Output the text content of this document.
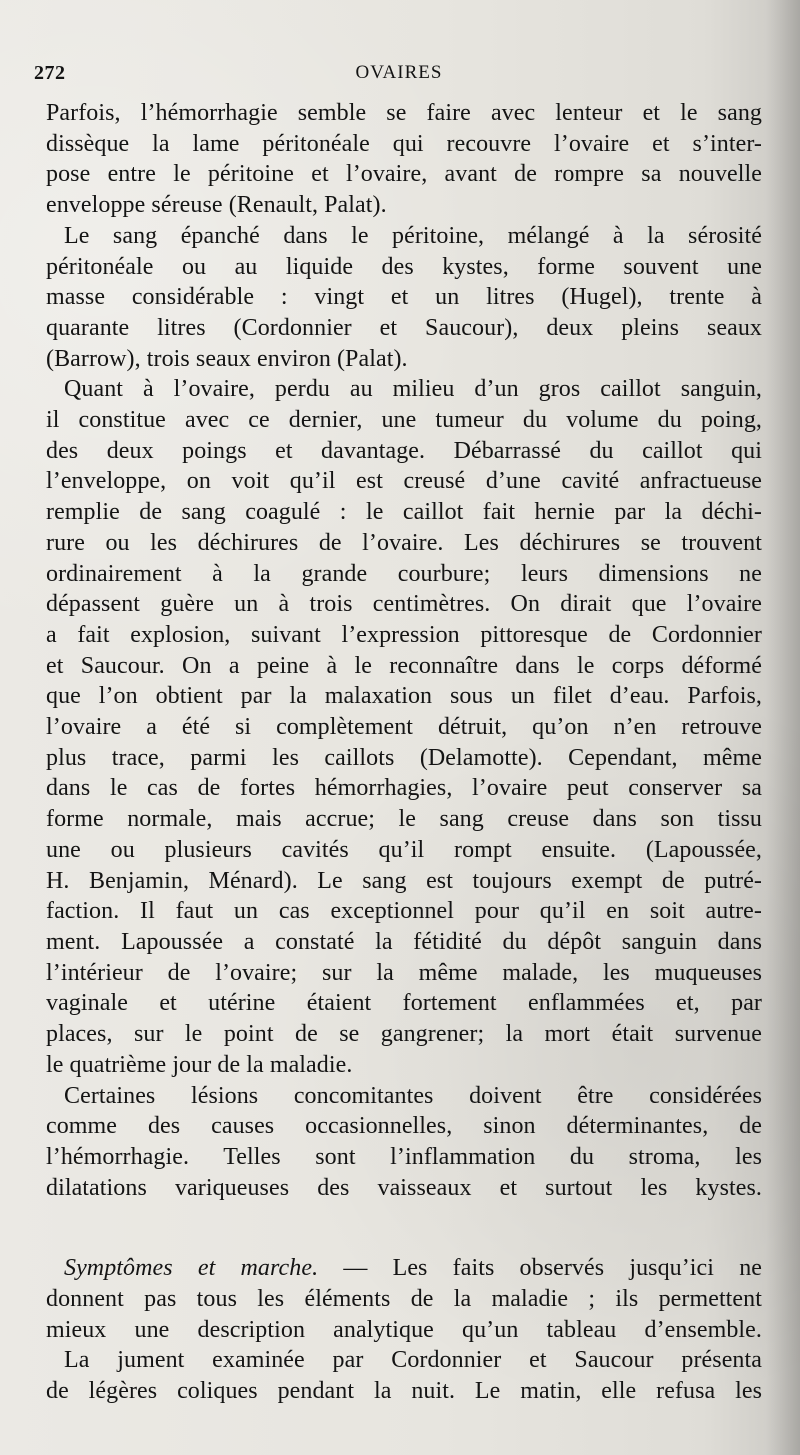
272	OVAIRES
Parfois, l’hémorrhagie semble se faire avec lenteur et le sang
dissèque la lame péritonéale qui recouvre l’ovaire et s’inter-
pose entre le péritoine et l’ovaire, avant de rompre sa nouvelle
enveloppe séreuse (Renault, Palat).
Le sang épanché dans le péritoine, mélangé à la sérosité
péritonéale ou au liquide des kystes, forme souvent une
masse considérable : vingt et un litres (Hugel), trente à
quarante litres (Cordonnier et Saucour), deux pleins seaux
(Barrow), trois seaux environ (Palat).
Quant à l’ovaire, perdu au milieu d’un gros caillot sanguin,
il constitue avec ce dernier, une tumeur du volume du poing,
des deux poings et davantage. Débarrassé du caillot qui
l’enveloppe, on voit qu’il est creusé d’une cavité anfractueuse
remplie de sang coagulé : le caillot fait hernie par la déchi-
rure ou les déchirures de l’ovaire. Les déchirures se trouvent
ordinairement à la grande courbure; leurs dimensions ne
dépassent guère un à trois centimètres. On dirait que l’ovaire
a fait explosion, suivant l’expression pittoresque de Cordonnier
et Saucour. On a peine à le reconnaître dans le corps déformé
que l’on obtient par la malaxation sous un filet d’eau. Parfois,
l’ovaire a été si complètement détruit, qu’on n’en retrouve
plus trace, parmi les caillots (Delamotte). Cependant, même
dans le cas de fortes hémorrhagies, l’ovaire peut conserver sa
forme normale, mais accrue; le sang creuse dans son tissu
une ou plusieurs cavités qu’il rompt ensuite. (Lapoussée,
H. Benjamin, Ménard). Le sang est toujours exempt de putré-
faction. Il faut un cas exceptionnel pour qu’il en soit autre-
ment. Lapoussée a constaté la fétidité du dépôt sanguin dans
l’intérieur de l’ovaire; sur la même malade, les muqueuses
vaginale et utérine étaient fortement enflammées et, par
places, sur le point de se gangrener; la mort était survenue
le quatrième jour de la maladie.
Certaines lésions concomitantes doivent être considérées
comme des causes occasionnelles, sinon déterminantes, de
l’hémorrhagie. Telles sont l’inflammation du stroma, les
dilatations variqueuses des vaisseaux et surtout les kystes.
Symptômes et marche. — Les faits observés jusqu’ici ne
donnent pas tous les éléments de la maladie ; ils permettent
mieux une description analytique qu’un tableau d’ensemble.
La jument examinée par Cordonnier et Saucour présenta
de légères coliques pendant la nuit. Le matin, elle refusa les
